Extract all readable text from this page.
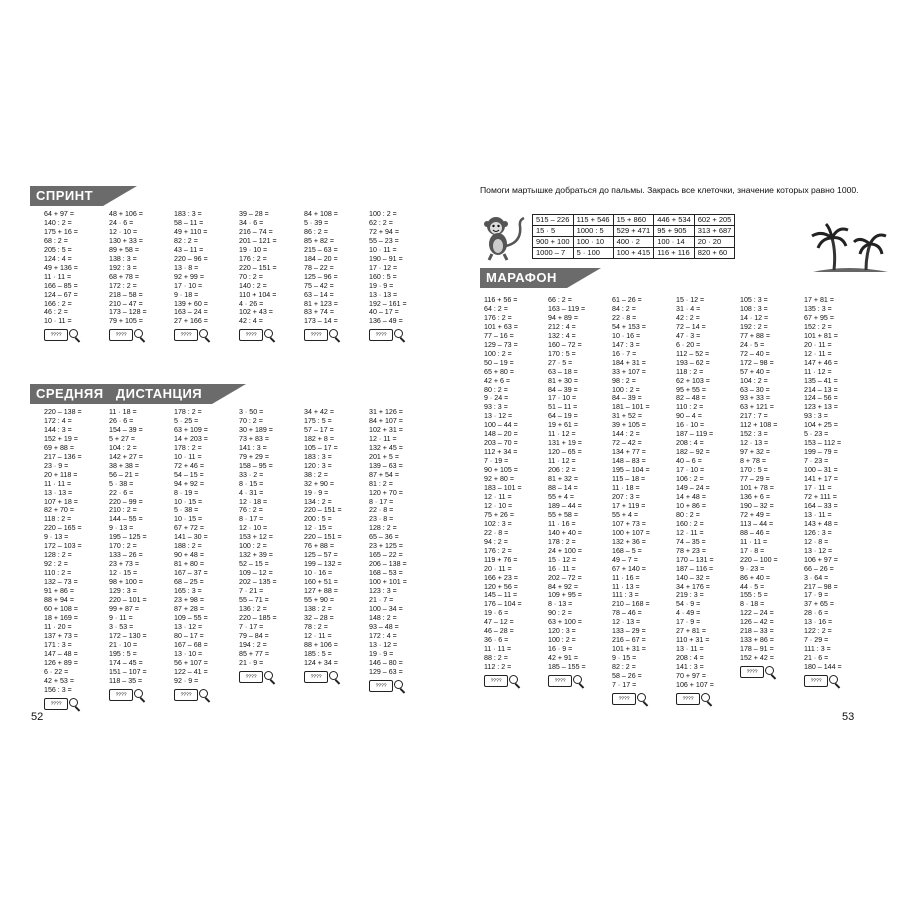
СПРИНТ
64 + 97 =
140 : 2 =
175 + 16 =
68 : 2 =
205 : 5 =
124 : 4 =
49 + 136 =
11 · 11 =
166 – 85 =
124 – 67 =
166 : 2 =
46 : 2 =
10 · 11 =
????
48 + 106 =
24 · 6 =
12 · 10 =
130 + 33 =
89 + 58 =
138 : 3 =
192 : 3 =
68 + 78 =
172 : 2 =
218 – 58 =
210 – 47 =
173 – 128 =
79 + 105 =
????
183 : 3 =
58 – 11 =
49 + 110 =
82 : 2 =
43 – 11 =
220 – 96 =
13 · 8 =
92 + 99 =
17 · 10 =
9 · 18 =
139 + 60 =
163 – 24 =
27 + 166 =
????
39 – 28 =
34 · 6 =
216 – 74 =
201 – 121 =
19 · 10 =
176 : 2 =
220 – 151 =
70 : 2 =
140 : 2 =
110 + 104 =
4 · 26 =
102 + 43 =
42 : 4 =
????
84 + 108 =
5 · 39 =
86 : 2 =
85 + 82 =
215 – 63 =
184 – 20 =
78 – 22 =
125 – 96 =
75 – 42 =
63 – 14 =
81 + 123 =
83 + 74 =
173 – 14 =
????
100 : 2 =
62 : 2 =
72 + 94 =
55 – 23 =
10 · 11 =
190 – 91 =
17 · 12 =
160 : 5 =
19 · 9 =
13 · 13 =
192 – 161 =
40 – 17 =
136 – 49 =
????
СРЕДНЯЯ   ДИСТАНЦИЯ
220 – 138 =
172 : 4 =
144 : 3 =
152 + 19 =
69 + 88 =
217 – 136 =
23 · 9 =
20 + 118 =
11 · 11 =
13 · 13 =
107 + 18 =
82 + 70 =
118 : 2 =
220 – 165 =
9 · 13 =
172 – 103 =
128 : 2 =
92 : 2 =
110 : 2 =
132 – 73 =
91 + 86 =
88 + 94 =
60 + 108 =
18 + 169 =
11 · 20 =
137 + 73 =
171 : 3 =
147 – 48 =
126 + 89 =
6 · 22 =
42 + 53 =
156 : 3 =
????
11 · 18 =
26 · 6 =
154 – 39 =
5 + 27 =
104 : 2 =
142 + 27 =
38 + 38 =
56 – 21 =
5 · 38 =
22 · 6 =
220 – 99 =
210 : 2 =
144 – 55 =
9 · 13 =
195 – 125 =
170 : 2 =
133 – 26 =
23 + 73 =
12 · 15 =
98 + 100 =
129 : 3 =
220 – 101 =
99 + 87 =
9 · 11 =
3 · 53 =
172 – 130 =
21 · 10 =
195 : 5 =
174 – 45 =
151 – 107 =
118 – 35 =
????
178 : 2 =
5 · 25 =
63 + 109 =
14 + 203 =
178 : 2 =
10 · 11 =
72 + 46 =
54 – 15 =
94 + 92 =
8 · 19 =
10 · 15 =
5 · 38 =
10 · 15 =
67 + 72 =
141 – 30 =
188 : 2 =
90 + 48 =
81 + 80 =
167 – 37 =
68 – 25 =
165 : 3 =
23 + 98 =
87 + 28 =
109 – 55 =
13 · 12 =
80 – 17 =
167 – 68 =
13 · 10 =
56 + 107 =
122 – 41 =
92 · 9 =
????
3 · 50 =
70 : 2 =
30 + 189 =
73 + 83 =
141 : 3 =
79 + 29 =
158 – 95 =
33 · 2 =
8 · 15 =
4 · 31 =
12 · 18 =
76 : 2 =
8 · 17 =
12 · 10 =
153 + 12 =
100 : 2 =
132 + 39 =
52 – 15 =
109 – 12 =
202 – 135 =
7 · 21 =
55 – 71 =
136 : 2 =
220 – 185 =
7 · 17 =
79 – 84 =
194 : 2 =
85 + 77 =
21 · 9 =
????
34 + 42 =
175 : 5 =
57 – 17 =
182 + 8 =
105 – 17 =
183 : 3 =
120 : 3 =
38 : 2 =
32 + 90 =
19 · 9 =
134 : 2 =
220 – 151 =
200 : 5 =
12 · 15 =
220 – 151 =
76 + 88 =
125 – 57 =
199 – 132 =
10 · 16 =
160 + 51 =
127 + 88 =
55 + 90 =
138 : 2 =
32 – 28 =
78 : 2 =
12 · 11 =
88 + 106 =
185 : 5 =
124 + 34 =
????
31 + 126 =
84 + 107 =
102 + 31 =
12 · 11 =
132 + 45 =
201 + 5 =
139 – 63 =
87 + 54 =
81 : 2 =
120 + 70 =
8 · 17 =
22 · 8 =
23 · 8 =
128 : 2 =
65 – 36 =
23 + 125 =
165 – 22 =
206 – 138 =
168 – 53 =
100 + 101 =
123 : 3 =
21 · 7 =
100 – 34 =
148 : 2 =
93 – 48 =
172 : 4 =
13 · 12 =
19 · 9 =
146 – 80 =
129 – 63 =
????
52
Помоги мартышке добраться до пальмы. Закрась все клеточки, значение которых равно 1000.
515 – 226	115 + 546	15 + 860	446 + 534	602 + 205
15 · 5	1000 : 5	529 + 471	95 + 905	313 + 687
900 + 100	100 · 10	400 · 2	100 · 14	20 · 20
1000 – 7	5 · 100	100 + 415	116 + 116	820 + 60
МАРАФОН
116 + 56 =
64 : 2 =
176 : 2 =
101 + 63 =
77 – 16 =
129 – 73 =
100 : 2 =
50 – 19 =
65 + 80 =
42 + 6 =
80 : 2 =
9 · 24 =
93 : 3 =
13 · 12 =
100 – 44 =
148 – 20 =
203 – 70 =
112 + 34 =
7 · 19 =
90 + 105 =
92 + 80 =
183 – 101 =
12 · 11 =
12 · 10 =
75 + 26 =
102 : 3 =
22 · 8 =
94 : 2 =
176 : 2 =
119 + 76 =
20 · 11 =
166 + 23 =
120 + 56 =
145 – 11 =
176 – 104 =
19 · 6 =
47 – 12 =
46 – 28 =
36 · 6 =
11 · 11 =
88 : 2 =
112 : 2 =
????
66 : 2 =
163 – 119 =
94 + 89 =
212 : 4 =
132 : 4 =
160 – 72 =
170 : 5 =
27 · 5 =
63 – 18 =
81 + 30 =
84 – 39 =
17 · 10 =
51 – 11 =
64 – 19 =
19 + 61 =
11 · 12 =
131 + 19 =
120 – 65 =
11 · 12 =
206 : 2 =
81 + 32 =
88 – 14 =
55 + 4 =
189 – 44 =
55 + 58 =
11 · 16 =
140 + 40 =
178 : 2 =
24 + 100 =
15 · 12 =
16 · 11 =
202 – 72 =
84 + 92 =
109 + 95 =
8 · 13 =
90 : 2 =
63 + 100 =
120 : 3 =
100 : 2 =
16 · 9 =
42 + 91 =
185 – 155 =
????
61 – 26 =
84 : 2 =
22 · 8 =
54 + 153 =
10 · 16 =
147 : 3 =
16 · 7 =
184 + 31 =
33 + 107 =
98 : 2 =
100 : 2 =
84 – 39 =
181 – 101 =
31 + 52 =
39 + 105 =
144 : 2 =
72 – 42 =
134 + 77 =
148 – 83 =
195 – 104 =
115 – 18 =
11 · 18 =
207 : 3 =
17 + 119 =
55 + 4 =
107 + 73 =
100 + 107 =
132 + 36 =
168 – 5 =
49 – 7 =
67 + 140 =
11 · 16 =
11 · 13 =
111 : 3 =
210 – 168 =
78 – 46 =
12 · 13 =
133 – 29 =
216 – 67 =
101 + 31 =
9 · 15 =
82 : 2 =
58 – 26 =
7 · 17 =
????
15 · 12 =
31 · 4 =
42 : 2 =
72 – 14 =
47 · 3 =
6 · 20 =
112 – 52 =
193 – 62 =
118 : 2 =
62 + 103 =
95 + 55 =
82 – 48 =
110 : 2 =
90 – 4 =
16 · 10 =
187 – 119 =
208 : 4 =
182 – 92 =
40 – 6 =
17 · 10 =
106 : 2 =
149 – 24 =
14 + 48 =
10 + 86 =
80 : 2 =
160 : 2 =
12 · 11 =
74 – 35 =
78 + 23 =
170 – 131 =
187 – 116 =
140 – 32 =
34 + 176 =
219 : 3 =
54 · 9 =
4 · 49 =
17 · 9 =
27 + 81 =
110 + 31 =
13 · 11 =
208 : 4 =
141 : 3 =
70 + 97 =
106 + 107 =
????
105 : 3 =
108 : 3 =
14 · 12 =
192 : 2 =
77 + 88 =
24 · 5 =
72 – 40 =
172 – 98 =
57 + 40 =
104 : 2 =
63 – 30 =
93 + 33 =
63 + 121 =
217 : 7 =
112 + 108 =
152 : 3 =
12 · 13 =
97 + 32 =
8 + 78 =
170 : 5 =
77 – 29 =
101 + 78 =
136 + 6 =
190 – 32 =
72 + 49 =
113 – 44 =
88 – 46 =
11 · 11 =
17 · 8 =
220 – 100 =
9 · 23 =
86 + 40 =
44 · 5 =
155 : 5 =
8 · 18 =
122 – 24 =
126 – 42 =
218 – 33 =
133 + 86 =
178 – 91 =
152 + 42 =
????
17 + 81 =
135 : 3 =
67 + 95 =
152 : 2 =
101 + 81 =
20 · 11 =
12 · 11 =
147 + 46 =
11 · 12 =
135 – 41 =
214 – 13 =
124 – 56 =
123 + 13 =
93 : 3 =
104 + 25 =
5 · 23 =
153 – 112 =
199 – 79 =
7 · 23 =
100 – 31 =
141 + 17 =
17 · 11 =
72 + 111 =
164 – 33 =
13 · 11 =
143 + 48 =
126 : 3 =
12 · 8 =
13 · 12 =
106 + 97 =
66 – 26 =
3 · 64 =
217 – 98 =
17 · 9 =
37 + 65 =
28 · 6 =
13 · 16 =
122 : 2 =
7 · 29 =
111 : 3 =
21 · 6 =
180 – 144 =
????
53
